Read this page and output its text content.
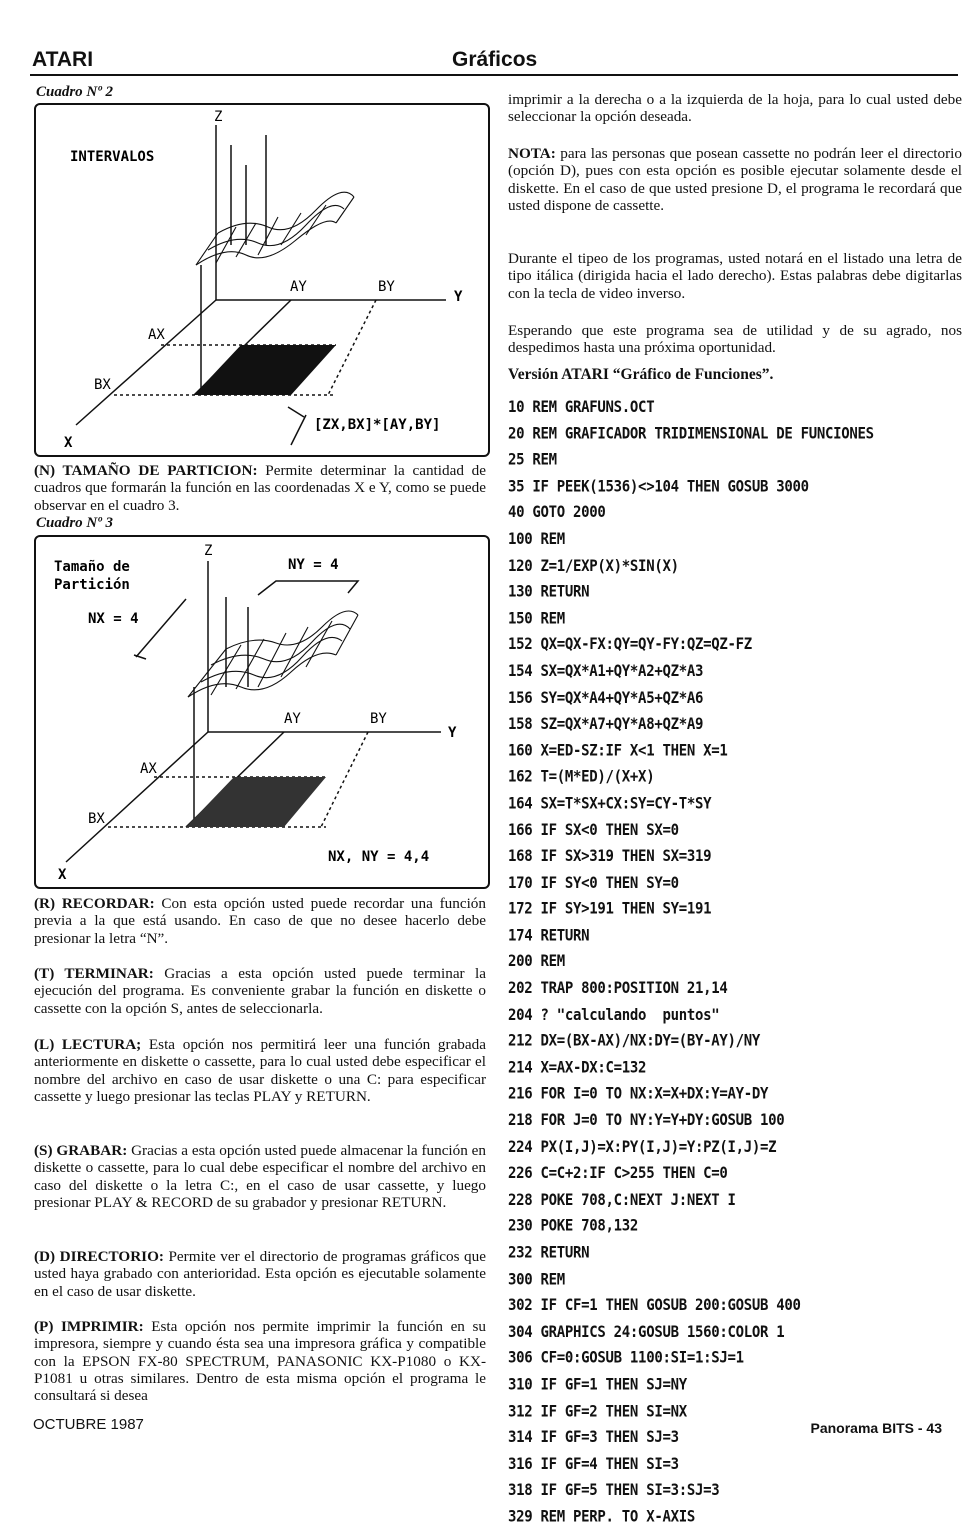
ATARI	Gráficos
Cuadro Nº 2
INTERVALOS
Z
Y
X
AY	BY
AX
BX
[ZX,BX]*[AY,BY]

(N) TAMAÑO DE PARTICION: Permite determinar la cantidad de cuadros que formarán la función en las coordenadas X e Y, como se puede observar en el cuadro 3.

Cuadro Nº 3
Tamaño de
Partición
NX = 4
NY = 4
Z
Y
X
AY	BY
AX
BX
NX, NY = 4,4

(R) RECORDAR: Con esta opción usted puede recordar una función previa a la que está usando. En caso de que no desee hacerlo debe presionar la letra “N”.

(T) TERMINAR: Gracias a esta opción usted puede terminar la ejecución del programa. Es conveniente grabar la función en diskette o cassette con la opción S, antes de seleccionarla.

(L) LECTURA; Esta opción nos permitirá leer una función grabada anteriormente en diskette o cassette, para lo cual usted debe especificar el nombre del archivo en caso de usar diskette o una C: para especificar cassette y luego presionar las teclas PLAY y RETURN.

(S) GRABAR: Gracias a esta opción usted puede almacenar la función en diskette o cassette, para lo cual debe especificar el nombre del archivo en caso del diskette o la letra C:, en el caso de usar cassette, y luego presionar PLAY & RECORD de su grabador y presionar RETURN.

(D) DIRECTORIO: Permite ver el directorio de programas gráficos que usted haya grabado con anterioridad. Esta opción es ejecutable solamente en el caso de usar diskette.

(P) IMPRIMIR: Esta opción nos permite imprimir la función en su impresora, siempre y cuando ésta sea una impresora gráfica y compatible con la EPSON FX-80 SPECTRUM, PANASONIC KX-P1080 o KX-P1081 u otras similares. Dentro de esta misma opción el programa le consultará si desea

imprimir a la derecha o a la izquierda de la hoja, para lo cual usted debe seleccionar la opción deseada.

NOTA: para las personas que posean cassette no podrán leer el directorio (opción D), pues con esta opción es posible ejecutar solamente desde el diskette. En el caso de que usted presione D, el programa le recordará que usted dispone de cassette.

Durante el tipeo de los programas, usted notará en el listado una letra de tipo itálica (dirigida hacia el lado derecho). Estas palabras debe digitarlas con la tecla de video inverso.

Esperando que este programa sea de utilidad y de su agrado, nos despedimos hasta una próxima oportunidad.

Versión ATARI “Gráfico de Funciones”.
10 REM GRAFUNS.OCT
20 REM GRAFICADOR TRIDIMENSIONAL DE FUNCIONES
25 REM
35 IF PEEK(1536)<>104 THEN GOSUB 3000
40 GOTO 2000
100 REM
120 Z=1/EXP(X)*SIN(X)
130 RETURN
150 REM
152 QX=QX-FX:QY=QY-FY:QZ=QZ-FZ
154 SX=QX*A1+QY*A2+QZ*A3
156 SY=QX*A4+QY*A5+QZ*A6
158 SZ=QX*A7+QY*A8+QZ*A9
160 X=ED-SZ:IF X<1 THEN X=1
162 T=(M*ED)/(X+X)
164 SX=T*SX+CX:SY=CY-T*SY
166 IF SX<0 THEN SX=0
168 IF SX>319 THEN SX=319
170 IF SY<0 THEN SY=0
172 IF SY>191 THEN SY=191
174 RETURN
200 REM
202 TRAP 800:POSITION 21,14
204 ? "calculando  puntos"
212 DX=(BX-AX)/NX:DY=(BY-AY)/NY
214 X=AX-DX:C=132
216 FOR I=0 TO NX:X=X+DX:Y=AY-DY
218 FOR J=0 TO NY:Y=Y+DY:GOSUB 100
224 PX(I,J)=X:PY(I,J)=Y:PZ(I,J)=Z
226 C=C+2:IF C>255 THEN C=0
228 POKE 708,C:NEXT J:NEXT I
230 POKE 708,132
232 RETURN
300 REM
302 IF CF=1 THEN GOSUB 200:GOSUB 400
304 GRAPHICS 24:GOSUB 1560:COLOR 1
306 CF=0:GOSUB 1100:SI=1:SJ=1
310 IF GF=1 THEN SJ=NY
312 IF GF=2 THEN SI=NX
314 IF GF=3 THEN SJ=3
316 IF GF=4 THEN SI=3
318 IF GF=5 THEN SI=3:SJ=3
329 REM PERP. TO X-AXIS
OCTUBRE 1987	Panorama BITS - 43
